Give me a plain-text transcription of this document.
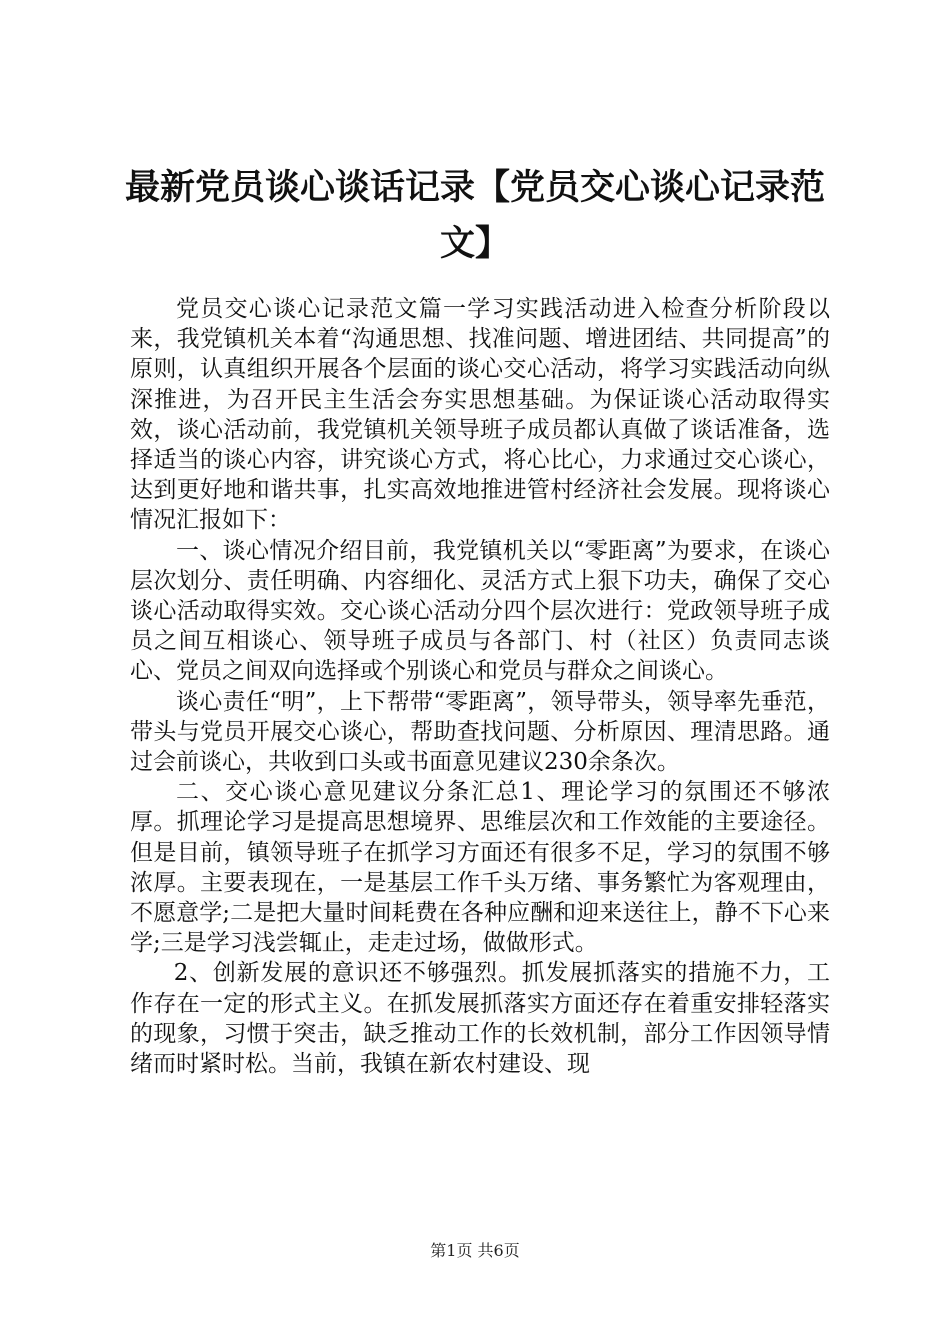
最新党员谈心谈话记录【党员交心谈心记录范文】

党员交心谈心记录范文篇一学习实践活动进入检查分析阶段以来，我党镇机关本着“沟通思想、找准问题、增进团结、共同提高”的原则，认真组织开展各个层面的谈心交心活动，将学习实践活动向纵深推进，为召开民主生活会夯实思想基础。为保证谈心活动取得实效，谈心活动前，我党镇机关领导班子成员都认真做了谈话准备，选择适当的谈心内容，讲究谈心方式，将心比心，力求通过交心谈心，达到更好地和谐共事，扎实高效地推进管村经济社会发展。现将谈心情况汇报如下：

一、谈心情况介绍目前，我党镇机关以“零距离”为要求，在谈心层次划分、责任明确、内容细化、灵活方式上狠下功夫，确保了交心谈心活动取得实效。交心谈心活动分四个层次进行：党政领导班子成员之间互相谈心、领导班子成员与各部门、村（社区）负责同志谈心、党员之间双向选择或个别谈心和党员与群众之间谈心。

谈心责任“明”，上下帮带“零距离”，领导带头，领导率先垂范，带头与党员开展交心谈心，帮助查找问题、分析原因、理清思路。通过会前谈心，共收到口头或书面意见建议230余条次。

二、交心谈心意见建议分条汇总1、理论学习的氛围还不够浓厚。抓理论学习是提高思想境界、思维层次和工作效能的主要途径。但是目前，镇领导班子在抓学习方面还有很多不足，学习的氛围不够浓厚。主要表现在，一是基层工作千头万绪、事务繁忙为客观理由，不愿意学;二是把大量时间耗费在各种应酬和迎来送往上，静不下心来学;三是学习浅尝辄止，走走过场，做做形式。

2、创新发展的意识还不够强烈。抓发展抓落实的措施不力，工作存在一定的形式主义。在抓发展抓落实方面还存在着重安排轻落实的现象，习惯于突击，缺乏推动工作的长效机制，部分工作因领导情绪而时紧时松。当前，我镇在新农村建设、现

第1页 共6页
